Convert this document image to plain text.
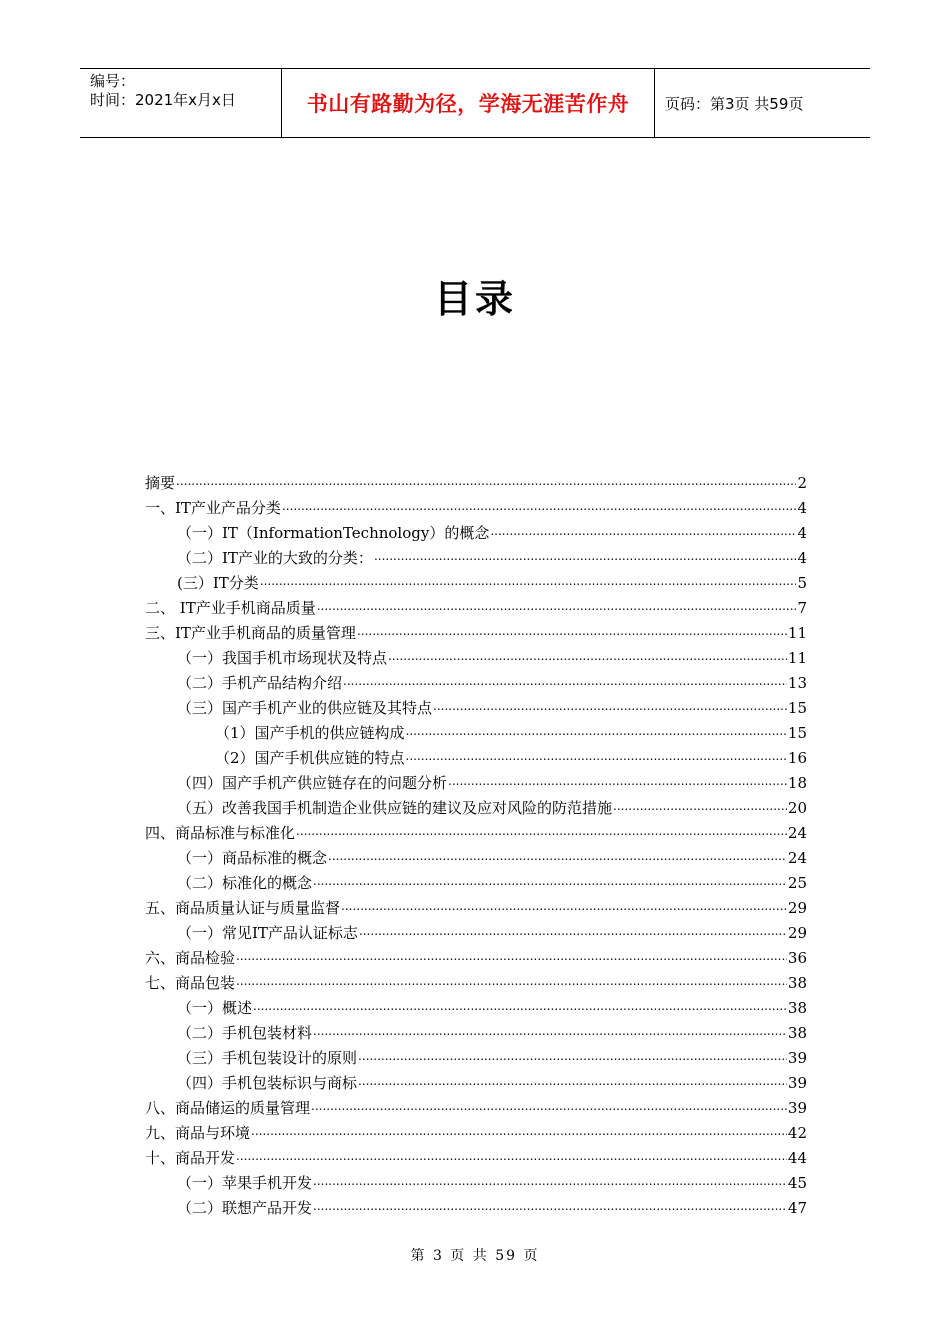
编号：
时间：2021年x月x日	书山有路勤为径，学海无涯苦作舟 页码：第3页 共59页
目录
摘要 .....	2
一、IT产业产品分类 .....	4
（一）IT（InformationTechnology）的概念 .....	4
（二）IT产业的大致的分类： .....	4
(三）IT分类 .....	5
二、 IT产业手机商品质量 .....	7
三、IT产业手机商品的质量管理 .....	11
（一）我国手机市场现状及特点 .....	11
（二）手机产品结构介绍 .....	13
（三）国产手机产业的供应链及其特点 .....	15
（1）国产手机的供应链构成 .....	15
（2）国产手机供应链的特点 .....	16
（四）国产手机产供应链存在的问题分析 .....	18
（五）改善我国手机制造企业供应链的建议及应对风险的防范措施 .....	20
四、商品标准与标准化 .....	24
（一）商品标准的概念 .....	24
（二）标准化的概念 .....	25
五、商品质量认证与质量监督 .....	29
（一）常见IT产品认证标志 .....	29
六、商品检验 .....	36
七、商品包装 .....	38
（一）概述 .....	38
（二）手机包装材料 .....	38
（三）手机包装设计的原则 .....	39
（四）手机包装标识与商标 .....	39
八、商品储运的质量管理 .....	39
九、商品与环境 .....	42
十、商品开发 .....	44
（一）苹果手机开发 .....	45
（二）联想产品开发 .....	47
第 3 页 共 59 页
